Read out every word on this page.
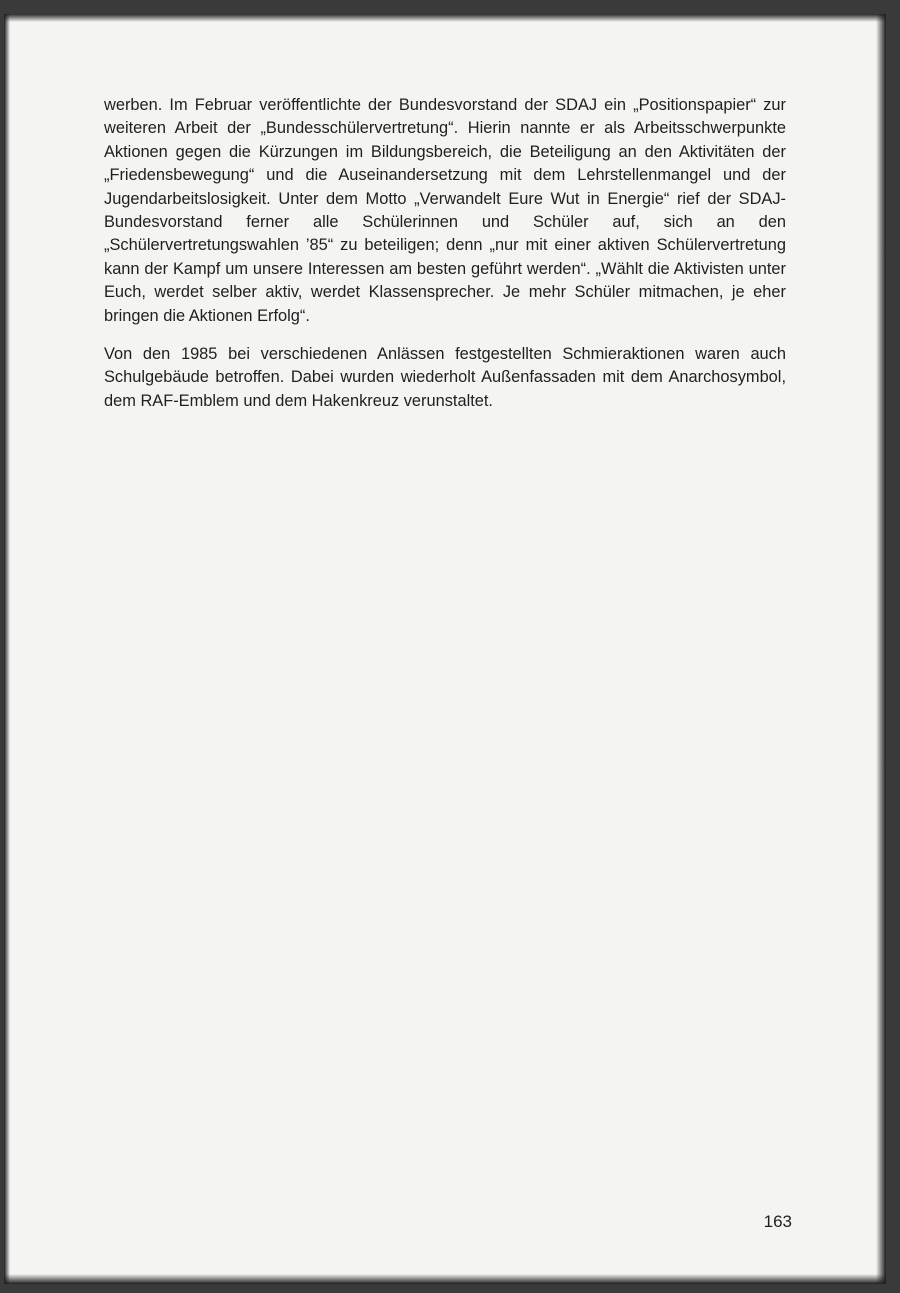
werben. Im Februar veröffentlichte der Bundesvorstand der SDAJ ein „Positionspapier“ zur weiteren Arbeit der „Bundesschülervertretung“. Hierin nannte er als Arbeitsschwerpunkte Aktionen gegen die Kürzungen im Bildungsbereich, die Beteiligung an den Aktivitäten der „Friedensbewegung“ und die Auseinandersetzung mit dem Lehrstellenmangel und der Jugendarbeitslosigkeit. Unter dem Motto „Verwandelt Eure Wut in Energie“ rief der SDAJ-Bundesvorstand ferner alle Schülerinnen und Schüler auf, sich an den „Schülervertretungswahlen ’85“ zu beteiligen; denn „nur mit einer aktiven Schülervertretung kann der Kampf um unsere Interessen am besten geführt werden“. „Wählt die Aktivisten unter Euch, werdet selber aktiv, werdet Klassensprecher. Je mehr Schüler mitmachen, je eher bringen die Aktionen Erfolg“.

Von den 1985 bei verschiedenen Anlässen festgestellten Schmieraktionen waren auch Schulgebäude betroffen. Dabei wurden wiederholt Außenfassaden mit dem Anarchosymbol, dem RAF-Emblem und dem Hakenkreuz verunstaltet.

163
